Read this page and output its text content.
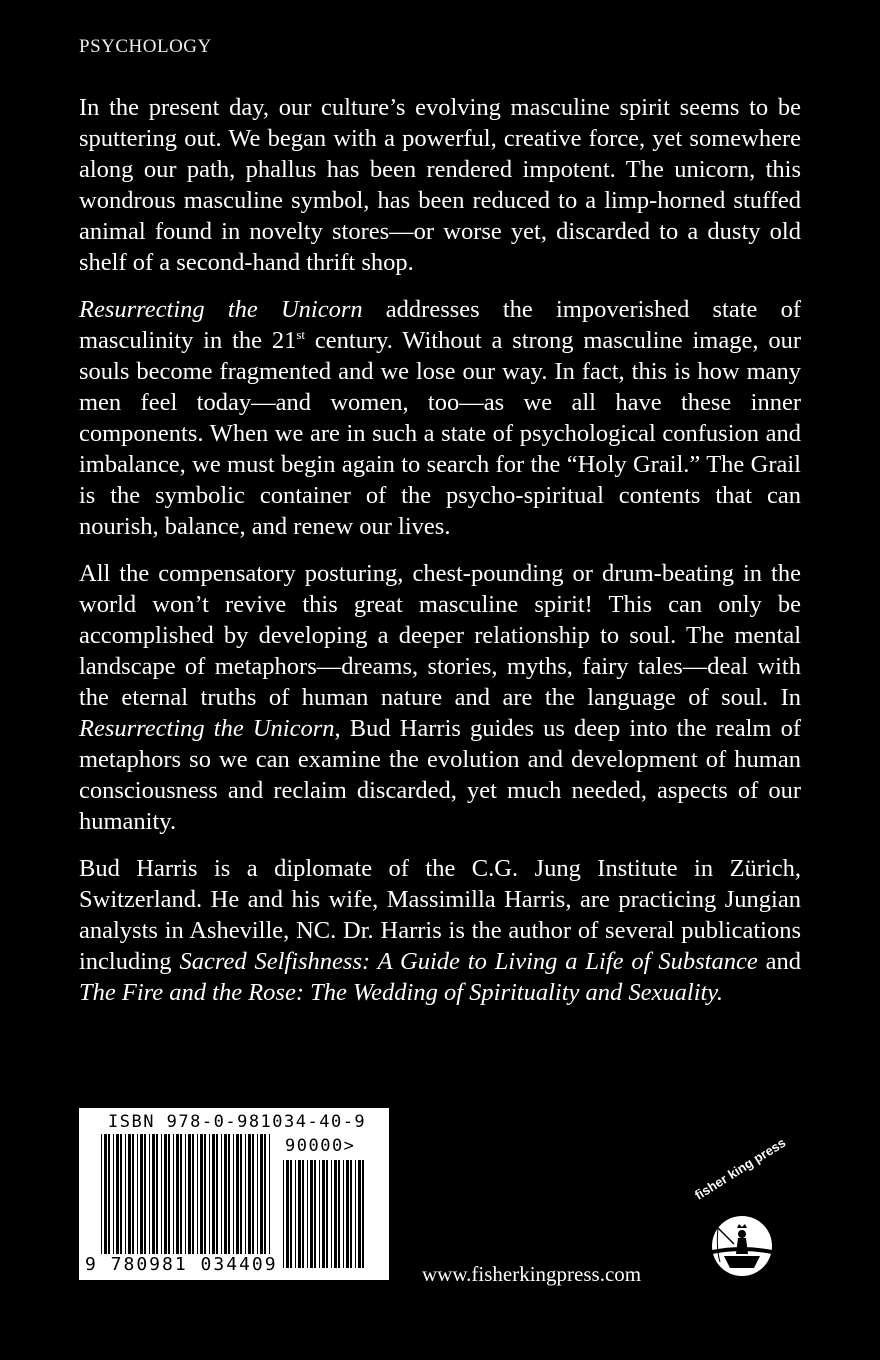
PSYCHOLOGY

In the present day, our culture’s evolving masculine spirit seems to be sputtering out. We began with a powerful, creative force, yet somewhere along our path, phallus has been rendered impotent. The unicorn, this wondrous masculine symbol, has been reduced to a limp-horned stuffed animal found in novelty stores—or worse yet, discarded to a dusty old shelf of a second-hand thrift shop.

Resurrecting the Unicorn addresses the impoverished state of masculinity in the 21st century. Without a strong masculine image, our souls become fragmented and we lose our way. In fact, this is how many men feel today—and women, too—as we all have these inner components. When we are in such a state of psychological confusion and imbalance, we must begin again to search for the “Holy Grail.” The Grail is the symbolic container of the psycho-spiritual contents that can nourish, balance, and renew our lives.

All the compensatory posturing, chest-pounding or drum-beating in the world won’t revive this great masculine spirit! This can only be accomplished by developing a deeper relationship to soul. The mental landscape of metaphors—dreams, stories, myths, fairy tales—deal with the eternal truths of human nature and are the language of soul. In Resurrecting the Unicorn, Bud Harris guides us deep into the realm of metaphors so we can examine the evolution and development of human consciousness and reclaim discarded, yet much needed, aspects of our humanity.

Bud Harris is a diplomate of the C.G. Jung Institute in Zürich, Switzerland. He and his wife, Massimilla Harris, are practicing Jungian analysts in Asheville, NC. Dr. Harris is the author of several publications including Sacred Selfishness: A Guide to Living a Life of Substance and The Fire and the Rose: The Wedding of Spirituality and Sexuality.

ISBN 978-0-981034-40-9
90000>
9 780981 034409
fisher king press
www.fisherkingpress.com
